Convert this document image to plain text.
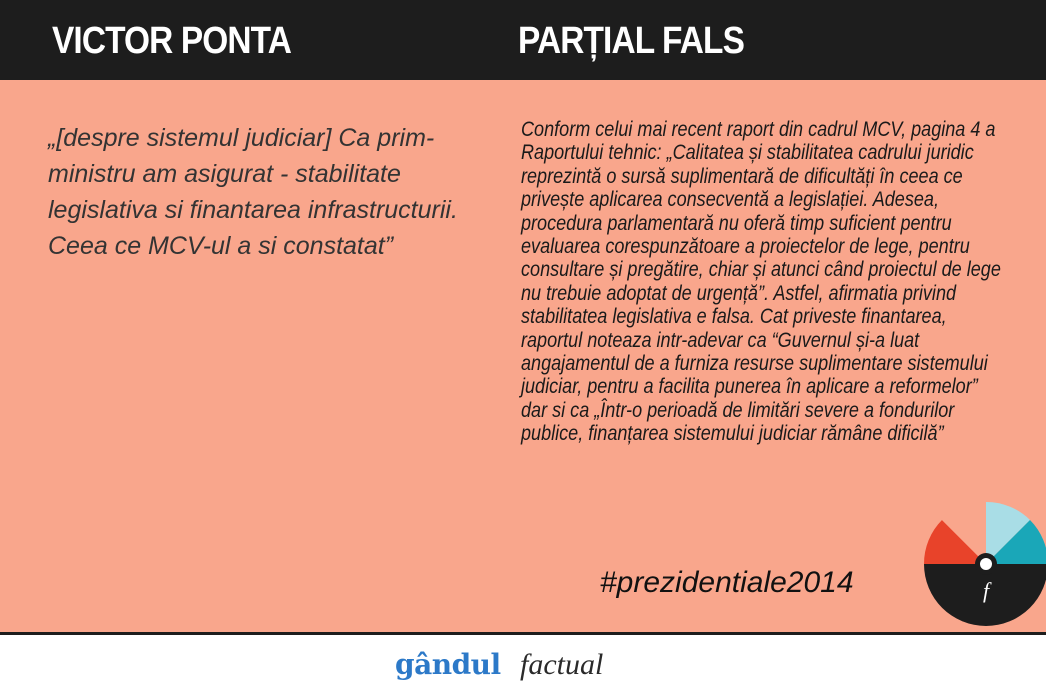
VICTOR PONTA	PARȚIAL FALS
„[despre sistemul judiciar] Ca prim-ministru am asigurat - stabilitate legislativa si finantarea infrastructurii. Ceea ce MCV-ul a si constatat”
Conform celui mai recent raport din cadrul MCV, pagina 4 a Raportului tehnic: „Calitatea și stabilitatea cadrului juridic reprezintă o sursă suplimentară de dificultăți în ceea ce privește aplicarea consecventă a legislației. Adesea, procedura parlamentară nu oferă timp suficient pentru evaluarea corespunzătoare a proiectelor de lege, pentru consultare și pregătire, chiar și atunci când proiectul de lege nu trebuie adoptat de urgență”. Astfel, afirmatia privind stabilitatea legislativa e falsa. Cat priveste finantarea, raportul noteaza intr-adevar ca “Guvernul și-a luat angajamentul de a furniza resurse suplimentare sistemului judiciar, pentru a facilita punerea în aplicare a reformelor” dar si ca „Într-o perioadă de limitări severe a fondurilor publice, finanțarea sistemului judiciar rămâne dificilă”
#prezidentiale2014	f
gândul factual
